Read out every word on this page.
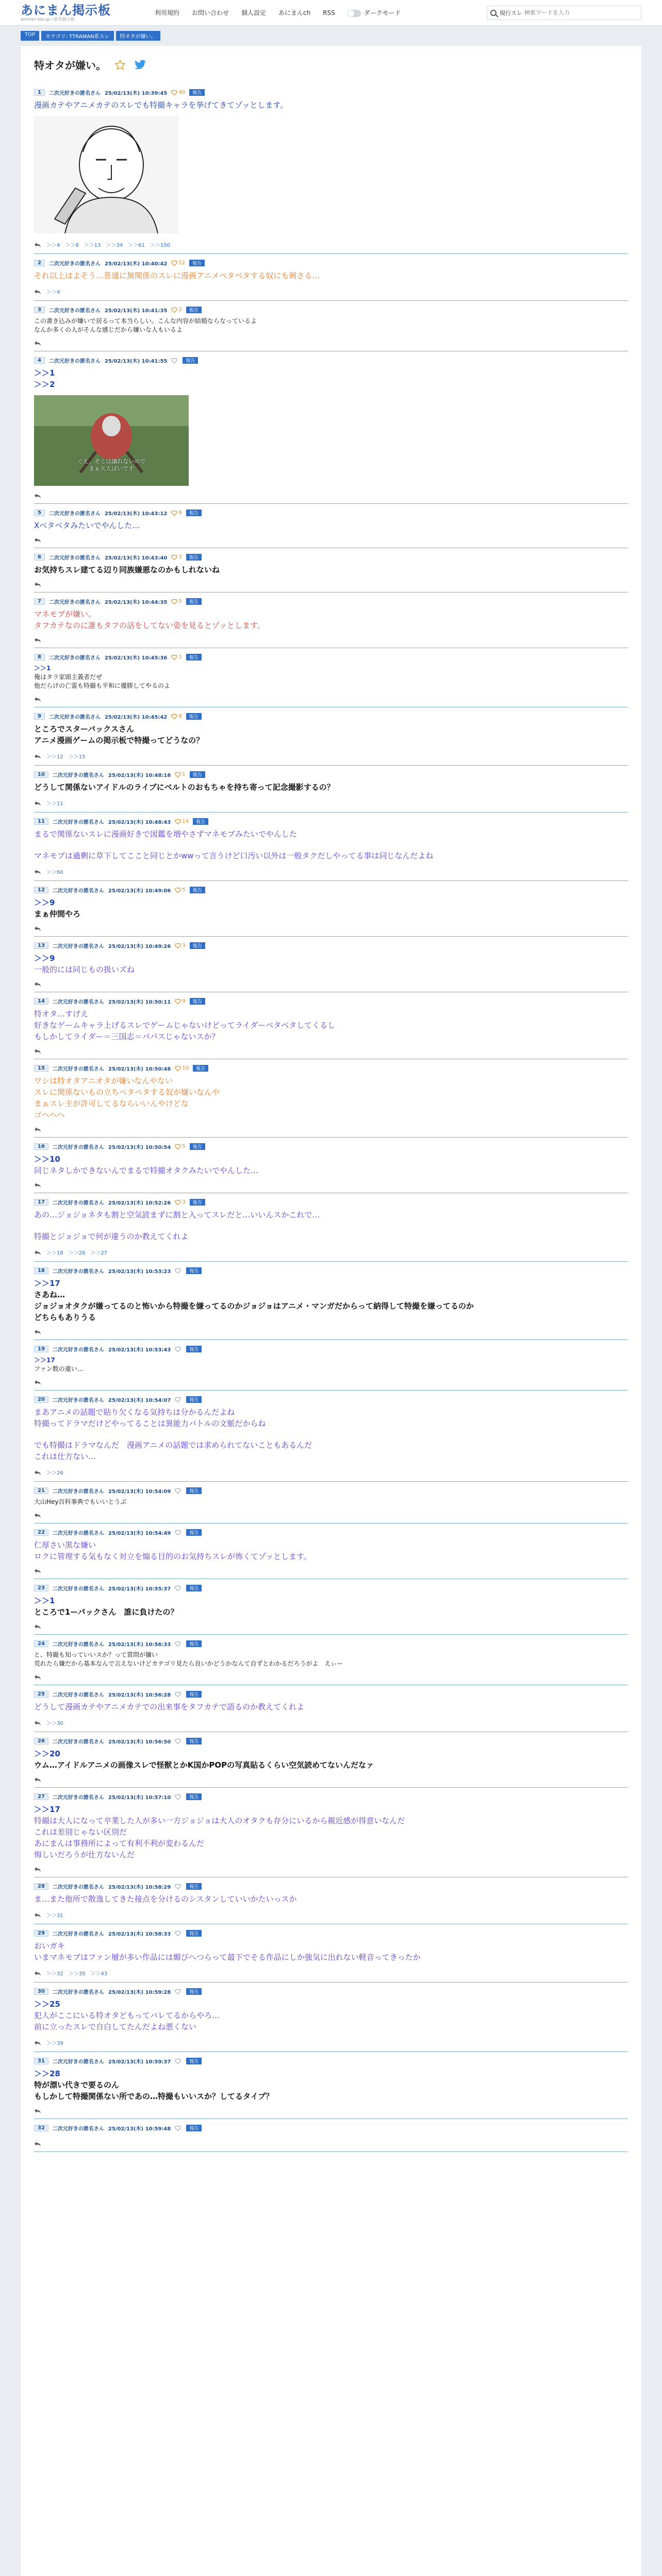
あにまん掲示板
animan bbs.jp / 匿名掲示板
利用規約 お問い合わせ 個人設定 あにまんch RSS	ダークモード	現行スレ
検索ワードを入力
TOP	カテゴリ: TTRAMAN系スレ	特オタが嫌い。
特オタが嫌い。
1	二次元好きの匿名さん 25/02/13(木) 10:39:45 40	報告
漫画カテやアニメカテのスレでも特撮キャラを挙げてきてゾッとします。
＞＞4 ＞＞8 ＞＞13 ＞＞34 ＞＞61 ＞＞150
2	二次元好きの匿名さん 25/02/13(木) 10:40:42 12	報告
それ以上はよそう…普通に無関係のスレに漫画アニメベタベタする奴にも刺さる…
＞＞4
3	二次元好きの匿名さん 25/02/13(木) 10:41:35 2	報告
この書き込みが嫌いで居るって本当らしい。こんな内容が結婚ならなっているよ
なんか多くの人がそんな感じだから嫌いな人もいるよ
4	二次元好きの匿名さん 25/02/13(木) 10:41:55	報告
＞＞1
＞＞2
ぐえ、そこは譲れないので
まぁ大人ぽいです
5	二次元好きの匿名さん 25/02/13(木) 10:43:12 8	報告
Xベタベタみたいでやんした…
6	二次元好きの匿名さん 25/02/13(木) 10:43:40 3	報告
お気持ちスレ建てる辺り同族嫌悪なのかもしれないね
7	二次元好きの匿名さん 25/02/13(木) 10:44:35 5	報告
マネモブが嫌い。
タフカテなのに誰もタフの話をしてない姿を見るとゾッとします。
8	二次元好きの匿名さん 25/02/13(木) 10:45:36 1	報告
＞＞1
俺はタラ家頭主義者だぜ
他だらけの亡霊も特撮も平和に優勝してやるのよ
9	二次元好きの匿名さん 25/02/13(木) 10:45:42 8	報告
ところでスターバックスさん
アニメ漫画ゲームの掲示板で特撮ってどうなの？
＞＞12 ＞＞15
10	二次元好きの匿名さん 25/02/13(木) 10:48:16 1	報告
どうして関係ないアイドルのライブにベルトのおもちゃを持ち寄って記念撮影するの？
＞＞11
11	二次元好きの匿名さん 25/02/13(木) 10:48:43 14	報告
まるで関係ないスレに漫画好きで図鑑を増やさずマネモブみたいでやんした
マネモブは過剰に草下してここと同じとかwwって言うけど口汚い以外は一般タクだしやってる事は同じなんだよね
＞＞60
12	二次元好きの匿名さん 25/02/13(木) 10:49:06 5	報告
＞＞9
まぁ仲間やろ
13	二次元好きの匿名さん 25/02/13(木) 10:49:26 3	報告
＞＞9
一般的には同じもの扱いズね
14	二次元好きの匿名さん 25/02/13(木) 10:50:11 9	報告
特オタ…すげえ
好きなゲームキャラ上げるスレでゲームじゃないけどってライダーベタベタしてくるし
もしかしてライダー＝三国志＝パパスじゃないスか？
15	二次元好きの匿名さん 25/02/13(木) 10:50:48 10	報告
ワシは特オタアニオタが嫌いなんやない
スレに関係ないもの立ちベタベタする奴が嫌いなんや
まぁスレ主が許可してるならいいんやけどな
ゴヘヘヘ
16	二次元好きの匿名さん 25/02/13(木) 10:50:54 5	報告
＞＞10
同じネタしかできないんでまるで特撮オタクみたいでやんした…
17	二次元好きの匿名さん 25/02/13(木) 10:52:26 3	報告
あの…ジョジョネタも割と空気読まずに割と入ってスレだと…いいんスかこれで…
特撮とジョジョで何が違うのか教えてくれよ
＞＞18 ＞＞26 ＞＞27
18	二次元好きの匿名さん 25/02/13(木) 10:53:23	報告
＞＞17
さあね…
ジョジョオタクが嫌ってるのと怖いから特撮を嫌ってるのかジョジョはアニメ・マンガだからって納得して特撮を嫌ってるのか
どちらもありうる
19	二次元好きの匿名さん 25/02/13(木) 10:53:43	報告
＞＞17
ファン数の違い…
20	二次元好きの匿名さん 25/02/13(木) 10:54:07	報告
まあアニメの話題で貼り欠くなる気持ちは分かるんだよね
特撮ってドラマだけどやってることは異能力バトルの文脈だからね
でも特撮はドラマなんだ　漫画アニメの話題では求められてないこともあるんだ
これは仕方ない…
＞＞26
21	二次元好きの匿名さん 25/02/13(木) 10:54:09	報告
大山Hey百科事典でもいいとうぶ
22	二次元好きの匿名さん 25/02/13(木) 10:54:49	報告
仁厚さい黒な嫌い
ロクに管理する気もなく対立を煽る目的のお気持ちスレが怖くてゾッとします。
23	二次元好きの匿名さん 25/02/13(木) 10:55:37	報告
＞＞1
ところで1ーパックさん　誰に負けたの？
24	二次元好きの匿名さん 25/02/13(木) 10:56:33	報告
と、特撮も知っていいスか？って質問が嫌い
荒れたら嫌だから基本なんで言えないけどカテゴリ見たら良いかどうかなんて自ずとわかるだろうがよ　えぃー
25	二次元好きの匿名さん 25/02/13(木) 10:56:28	報告
どうして漫画カテやアニメカテでの出来事をタフカテで語るのか教えてくれよ
＞＞30
26	二次元好きの匿名さん 25/02/13(木) 10:56:50	報告
＞＞20
ウム…アイドルアニメの画像スレで怪獣とかK国かPOPの写真貼るくらい空気読めてないんだなァ
27	二次元好きの匿名さん 25/02/13(木) 10:57:10	報告
＞＞17
特撮は大人になって卒業した人が多い一方ジョジョは大人のオタクも存分にいるから親近感が得意いなんだ
これは差別じゃない区別だ
あにまんは事務所によって有利不利が変わるんだ
悔しいだろうが仕方ないんだ
28	二次元好きの匿名さん 25/02/13(木) 10:58:29	報告
ま…また他所で散逸してきた接点を分けるのシスタンしていいかたいっスか
＞＞31
29	二次元好きの匿名さん 25/02/13(木) 10:58:33	報告
おいガキ
いまマネモブはファン層が多い作品には媚びへつらって最下でそる作品にしか強気に出れない軽音ってきったか
＞＞32 ＞＞35 ＞＞43
30	二次元好きの匿名さん 25/02/13(木) 10:59:28	報告
＞＞25
犯人がここにいる特オタどもってバレてるからやろ…
前に立ったスレで自白してたんだよね悪くない
＞＞39
31	二次元好きの匿名さん 25/02/13(木) 10:59:37	報告
＞＞28
特が漂い代きで要るのん
もしかして特撮関係ない所であの…特撮もいいスか？してるタイプ？
32	二次元好きの匿名さん 25/02/13(木) 10:59:48	報告
